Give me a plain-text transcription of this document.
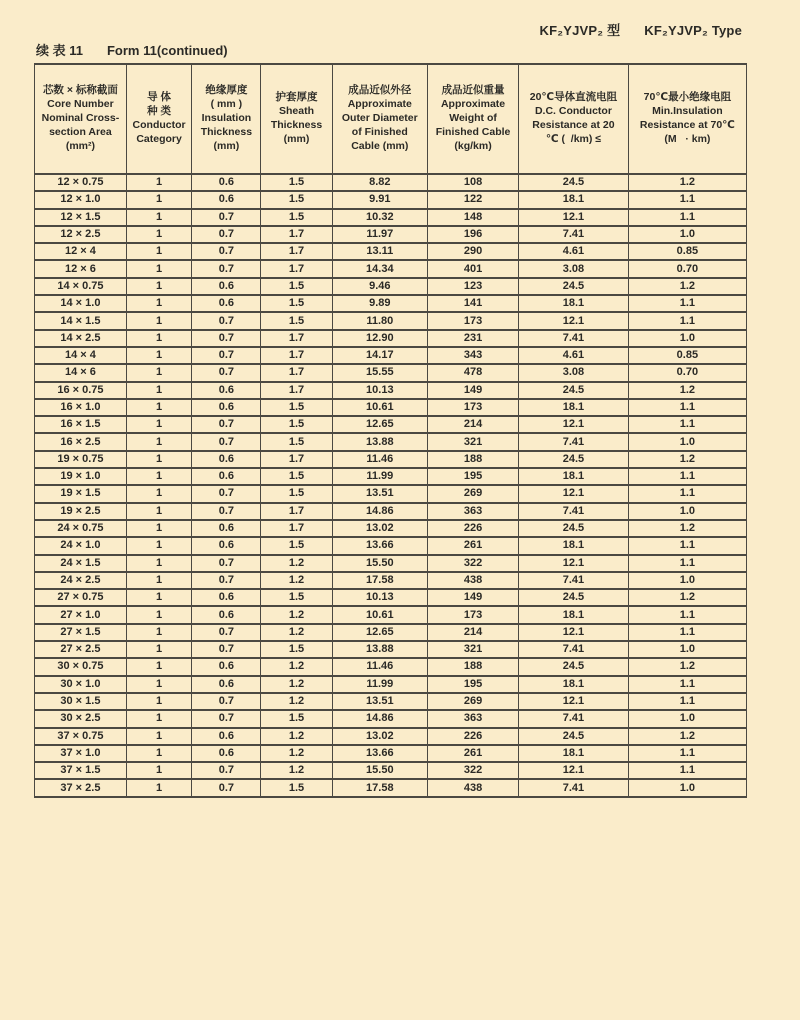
KF₂YJVP₂ 型 KF₂YJVP₂ Type
续 表 11 Form 11(continued)
芯数 × 标称截面
Core Number
Nominal Cross-
section Area
(mm²)

导 体
种 类
Conductor
Category

绝缘厚度
( mm )
Insulation
Thickness
(mm)

护套厚度
Sheath
Thickness
(mm)

成品近似外径
Approximate
Outer Diameter
of Finished
Cable (mm)

成品近似重量
Approximate
Weight of
Finished Cable
(kg/km)

20℃导体直流电阻
D.C. Conductor
Resistance at 20
℃ (  /km) ≤

70℃最小绝缘电阻
Min.Insulation
Resistance at 70℃
(M   · km)

12 × 0.75	1	0.6	1.5	8.82	108	24.5	1.2
12 × 1.0	1	0.6	1.5	9.91	122	18.1	1.1
12 × 1.5	1	0.7	1.5	10.32	148	12.1	1.1
12 × 2.5	1	0.7	1.7	11.97	196	7.41	1.0
12 × 4	1	0.7	1.7	13.11	290	4.61	0.85
12 × 6	1	0.7	1.7	14.34	401	3.08	0.70
14 × 0.75	1	0.6	1.5	9.46	123	24.5	1.2
14 × 1.0	1	0.6	1.5	9.89	141	18.1	1.1
14 × 1.5	1	0.7	1.5	11.80	173	12.1	1.1
14 × 2.5	1	0.7	1.7	12.90	231	7.41	1.0
14 × 4	1	0.7	1.7	14.17	343	4.61	0.85
14 × 6	1	0.7	1.7	15.55	478	3.08	0.70
16 × 0.75	1	0.6	1.7	10.13	149	24.5	1.2
16 × 1.0	1	0.6	1.5	10.61	173	18.1	1.1
16 × 1.5	1	0.7	1.5	12.65	214	12.1	1.1
16 × 2.5	1	0.7	1.5	13.88	321	7.41	1.0
19 × 0.75	1	0.6	1.7	11.46	188	24.5	1.2
19 × 1.0	1	0.6	1.5	11.99	195	18.1	1.1
19 × 1.5	1	0.7	1.5	13.51	269	12.1	1.1
19 × 2.5	1	0.7	1.7	14.86	363	7.41	1.0
24 × 0.75	1	0.6	1.7	13.02	226	24.5	1.2
24 × 1.0	1	0.6	1.5	13.66	261	18.1	1.1
24 × 1.5	1	0.7	1.2	15.50	322	12.1	1.1
24 × 2.5	1	0.7	1.2	17.58	438	7.41	1.0
27 × 0.75	1	0.6	1.5	10.13	149	24.5	1.2
27 × 1.0	1	0.6	1.2	10.61	173	18.1	1.1
27 × 1.5	1	0.7	1.2	12.65	214	12.1	1.1
27 × 2.5	1	0.7	1.5	13.88	321	7.41	1.0
30 × 0.75	1	0.6	1.2	11.46	188	24.5	1.2
30 × 1.0	1	0.6	1.2	11.99	195	18.1	1.1
30 × 1.5	1	0.7	1.2	13.51	269	12.1	1.1
30 × 2.5	1	0.7	1.5	14.86	363	7.41	1.0
37 × 0.75	1	0.6	1.2	13.02	226	24.5	1.2
37 × 1.0	1	0.6	1.2	13.66	261	18.1	1.1
37 × 1.5	1	0.7	1.2	15.50	322	12.1	1.1
37 × 2.5	1	0.7	1.5	17.58	438	7.41	1.0
